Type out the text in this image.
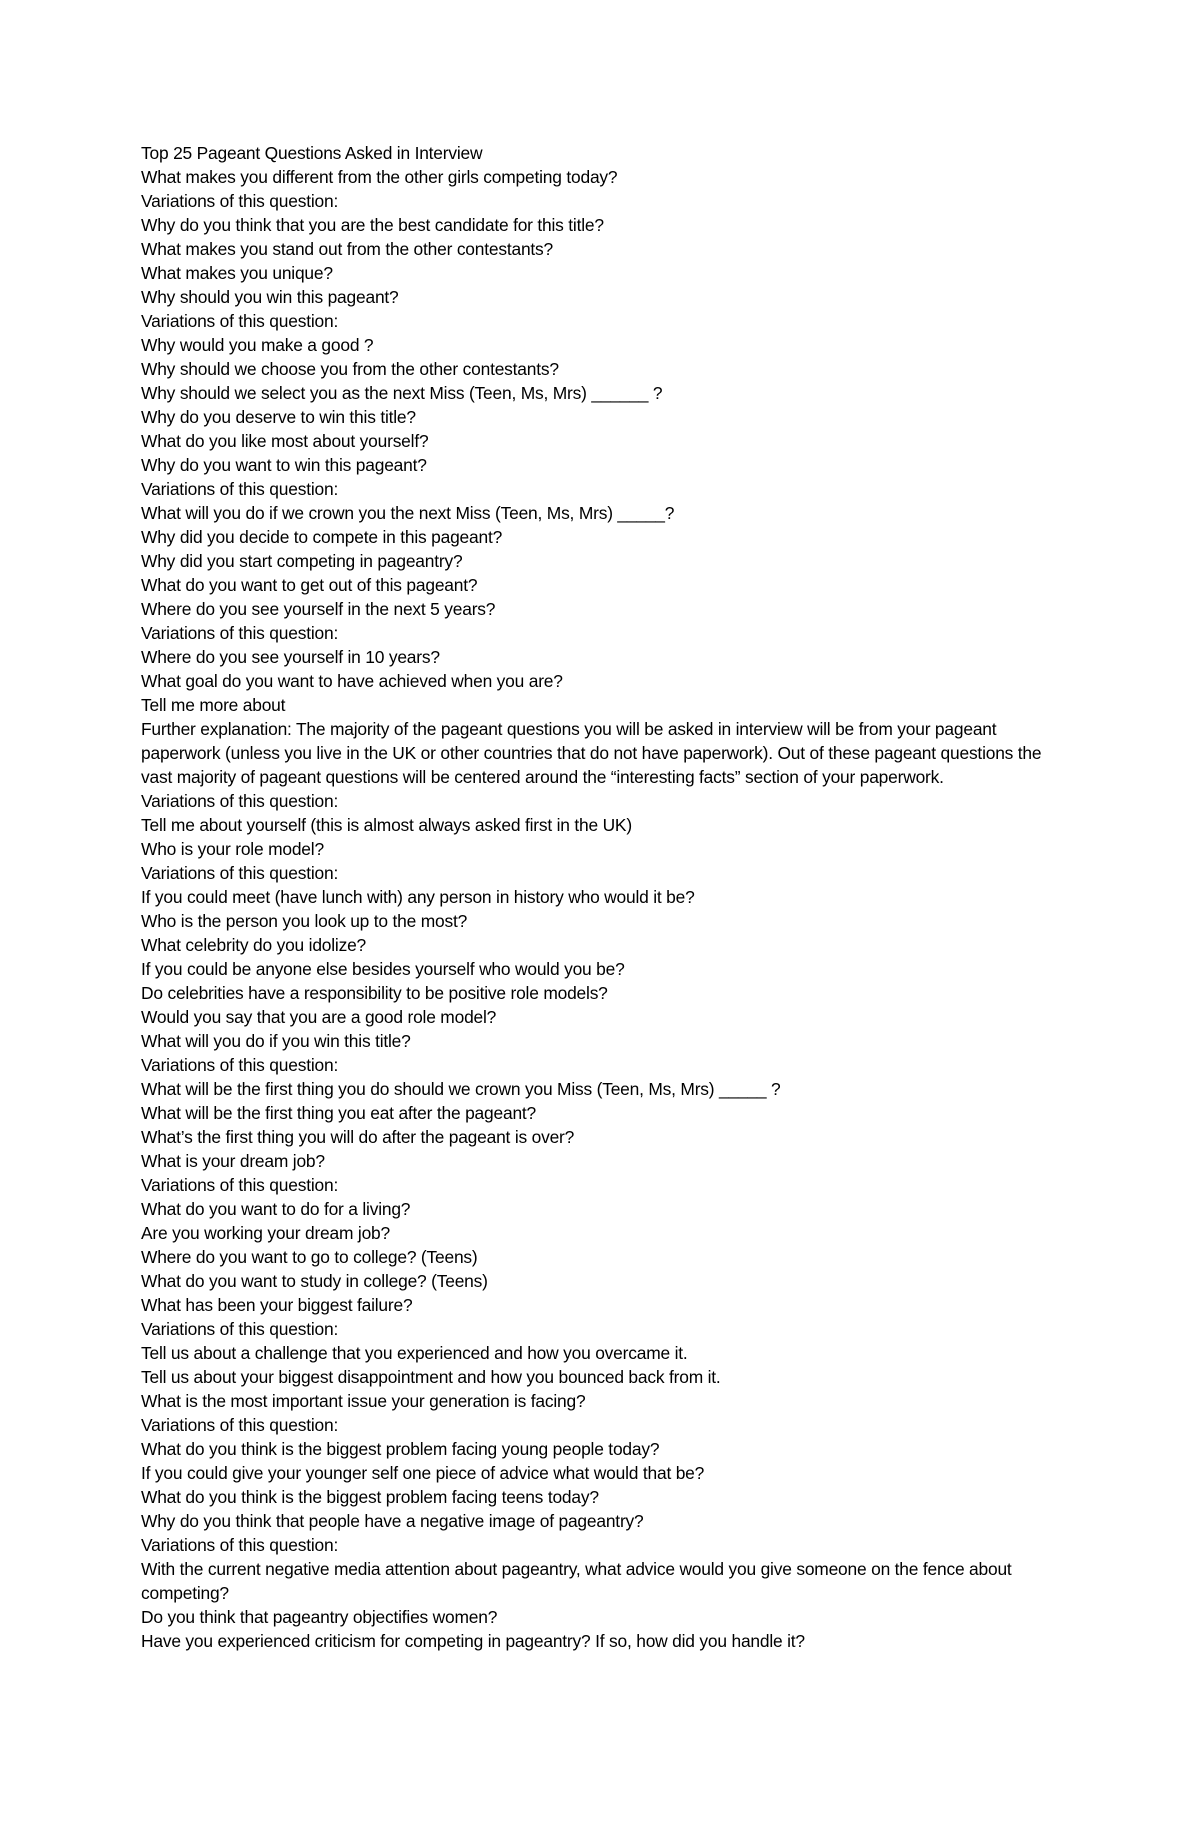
Top 25 Pageant Questions Asked in Interview

What makes you different from the other girls competing today?

Variations of this question:

Why do you think that you are the best candidate for this title?

What makes you stand out from the other contestants?

What makes you unique?

Why should you win this pageant?

Variations of this question:

Why would you make a good ?

Why should we choose you from the other contestants?

Why should we select you as the next Miss (Teen, Ms, Mrs) ______ ?

Why do you deserve to win this title?

What do you like most about yourself?

Why do you want to win this pageant?

Variations of this question:

What will you do if we crown you the next Miss (Teen, Ms, Mrs) _____?

Why did you decide to compete in this pageant?

Why did you start competing in pageantry?

What do you want to get out of this pageant?

Where do you see yourself in the next 5 years?

Variations of this question:

Where do you see yourself in 10 years?

What goal do you want to have achieved when you are?

Tell me more about

Further explanation: The majority of the pageant questions you will be asked in interview will be from your pageant paperwork (unless you live in the UK or other countries that do not have paperwork). Out of these pageant questions the vast majority of pageant questions will be centered around the “interesting facts” section of your paperwork.

Variations of this question:

Tell me about yourself (this is almost always asked first in the UK)

Who is your role model?

Variations of this question:

If you could meet (have lunch with) any person in history who would it be?

Who is the person you look up to the most?

What celebrity do you idolize?

If you could be anyone else besides yourself who would you be?

Do celebrities have a responsibility to be positive role models?

Would you say that you are a good role model?

What will you do if you win this title?

Variations of this question:

What will be the first thing you do should we crown you Miss (Teen, Ms, Mrs) _____ ?

What will be the first thing you eat after the pageant?

What’s the first thing you will do after the pageant is over?

What is your dream job?

Variations of this question:

What do you want to do for a living?

Are you working your dream job?

Where do you want to go to college? (Teens)

What do you want to study in college? (Teens)

What has been your biggest failure?

Variations of this question:

Tell us about a challenge that you experienced and how you overcame it.

Tell us about your biggest disappointment and how you bounced back from it.

What is the most important issue your generation is facing?

Variations of this question:

What do you think is the biggest problem facing young people today?

If you could give your younger self one piece of advice what would that be?

What do you think is the biggest problem facing teens today?

Why do you think that people have a negative image of pageantry?

Variations of this question:

With the current negative media attention about pageantry, what advice would you give someone on the fence about competing?

Do you think that pageantry objectifies women?

Have you experienced criticism for competing in pageantry? If so, how did you handle it?
